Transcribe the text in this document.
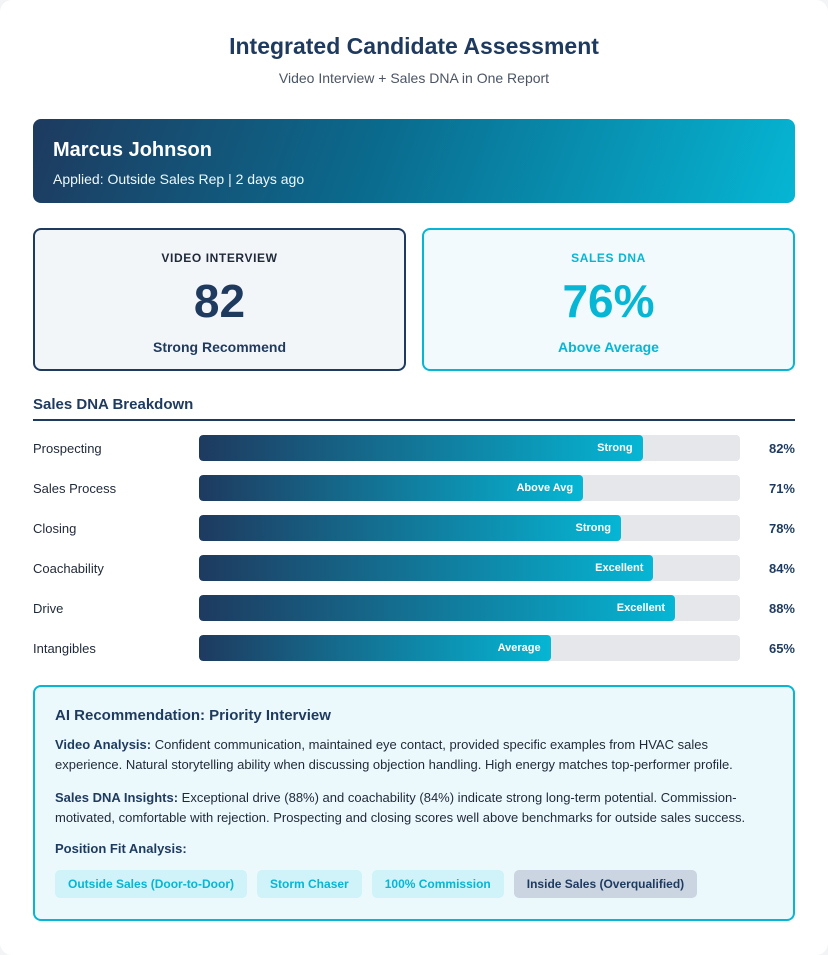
Integrated Candidate Assessment
Video Interview + Sales DNA in One Report
Marcus Johnson
Applied: Outside Sales Rep | 2 days ago
VIDEO INTERVIEW
82
Strong Recommend
SALES DNA
76%
Above Average
Sales DNA Breakdown
Prospecting	Strong	82%
Sales Process	Above Avg	71%
Closing	Strong	78%
Coachability	Excellent	84%
Drive	Excellent	88%
Intangibles	Average	65%
AI Recommendation: Priority Interview

Video Analysis: Confident communication, maintained eye contact, provided specific examples from HVAC sales experience. Natural storytelling ability when discussing objection handling. High energy matches top-performer profile.

Sales DNA Insights: Exceptional drive (88%) and coachability (84%) indicate strong long-term potential. Commission-motivated, comfortable with rejection. Prospecting and closing scores well above benchmarks for outside sales success.

Position Fit Analysis:
Outside Sales (Door-to-Door)	Storm Chaser	100% Commission	Inside Sales (Overqualified)
